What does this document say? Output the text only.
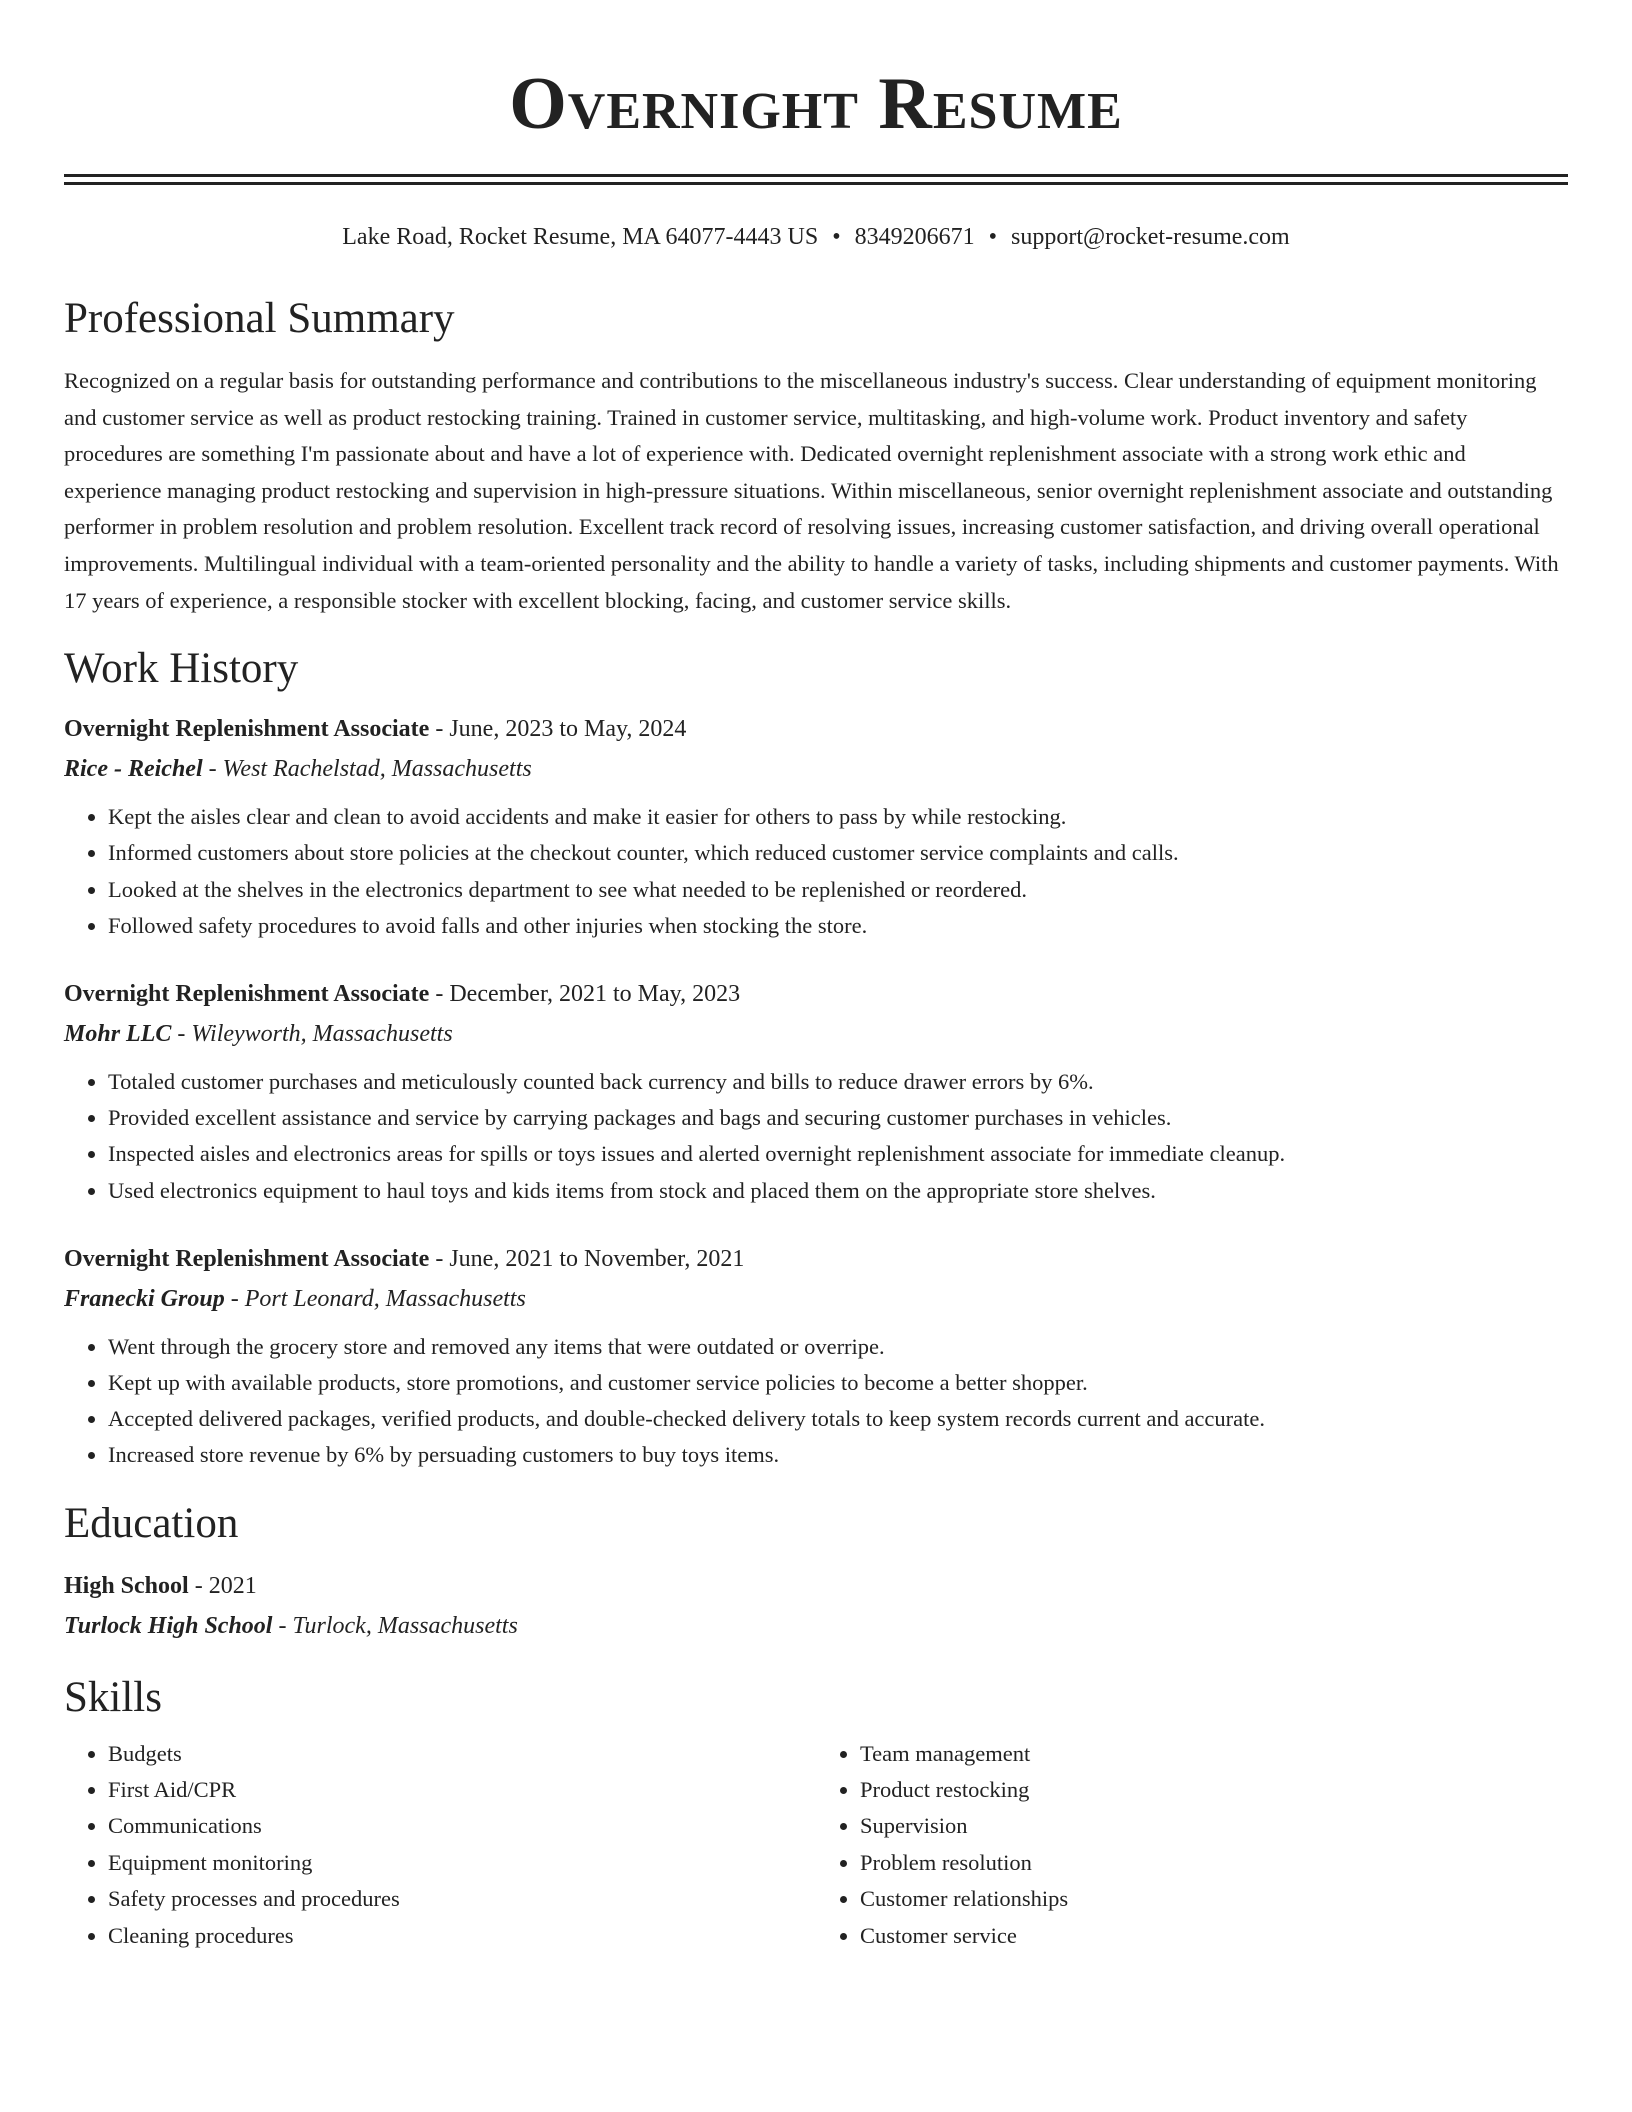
Overnight Resume
Lake Road, Rocket Resume, MA 64077-4443 US • 8349206671 • support@rocket-resume.com
Professional Summary

Recognized on a regular basis for outstanding performance and contributions to the miscellaneous industry's success. Clear understanding of equipment monitoring and customer service as well as product restocking training. Trained in customer service, multitasking, and high-volume work. Product inventory and safety procedures are something I'm passionate about and have a lot of experience with. Dedicated overnight replenishment associate with a strong work ethic and experience managing product restocking and supervision in high-pressure situations. Within miscellaneous, senior overnight replenishment associate and outstanding performer in problem resolution and problem resolution. Excellent track record of resolving issues, increasing customer satisfaction, and driving overall operational improvements. Multilingual individual with a team-oriented personality and the ability to handle a variety of tasks, including shipments and customer payments. With 17 years of experience, a responsible stocker with excellent blocking, facing, and customer service skills.

Work History
Overnight Replenishment Associate - June, 2023 to May, 2024
Rice - Reichel - West Rachelstad, Massachusetts
• Kept the aisles clear and clean to avoid accidents and make it easier for others to pass by while restocking.
• Informed customers about store policies at the checkout counter, which reduced customer service complaints and calls.
• Looked at the shelves in the electronics department to see what needed to be replenished or reordered.
• Followed safety procedures to avoid falls and other injuries when stocking the store.
Overnight Replenishment Associate - December, 2021 to May, 2023
Mohr LLC - Wileyworth, Massachusetts
• Totaled customer purchases and meticulously counted back currency and bills to reduce drawer errors by 6%.
• Provided excellent assistance and service by carrying packages and bags and securing customer purchases in vehicles.
• Inspected aisles and electronics areas for spills or toys issues and alerted overnight replenishment associate for immediate cleanup.
• Used electronics equipment to haul toys and kids items from stock and placed them on the appropriate store shelves.
Overnight Replenishment Associate - June, 2021 to November, 2021
Franecki Group - Port Leonard, Massachusetts
• Went through the grocery store and removed any items that were outdated or overripe.
• Kept up with available products, store promotions, and customer service policies to become a better shopper.
• Accepted delivered packages, verified products, and double-checked delivery totals to keep system records current and accurate.
• Increased store revenue by 6% by persuading customers to buy toys items.
Education
High School - 2021
Turlock High School - Turlock, Massachusetts
Skills
• Budgets
• First Aid/CPR
• Communications
• Equipment monitoring
• Safety processes and procedures
• Cleaning procedures
• Team management
• Product restocking
• Supervision
• Problem resolution
• Customer relationships
• Customer service
